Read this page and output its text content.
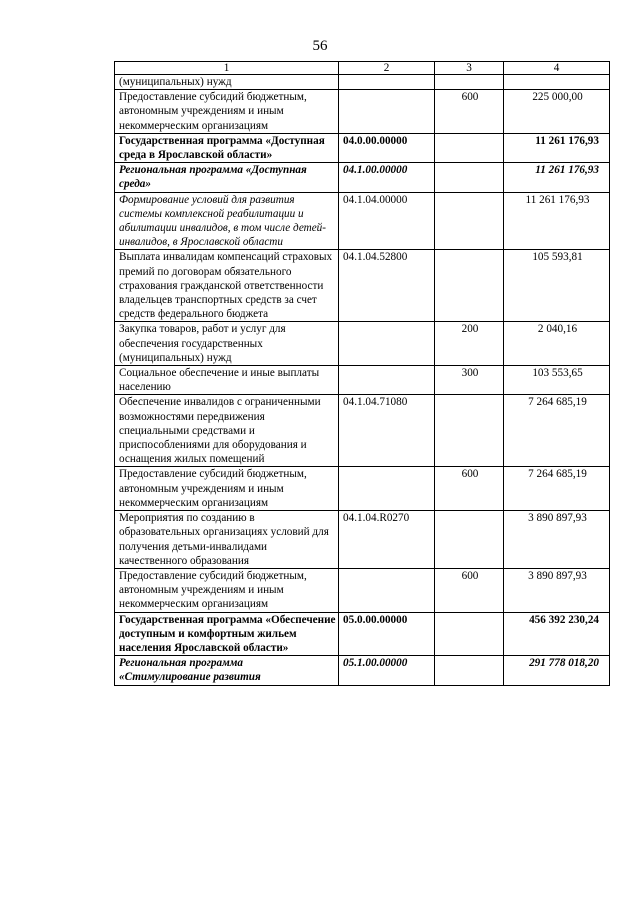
56
1	2	3	4
(муниципальных) нужд			
Предоставление субсидий бюджетным, автономным учреждениям и иным некоммерческим организациям		600	225 000,00
Государственная программа «Доступная среда в Ярославской области»	04.0.00.00000		11 261 176,93
Региональная программа «Доступная среда»	04.1.00.00000		11 261 176,93
Формирование условий для развития системы комплексной реабилитации и абилитации инвалидов, в том числе детей-инвалидов, в Ярославской области	04.1.04.00000		11 261 176,93
Выплата инвалидам компенсаций страховых премий по договорам обязательного страхования гражданской ответственности владельцев транспортных средств за счет средств федерального бюджета	04.1.04.52800		105 593,81
Закупка товаров, работ и услуг для обеспечения государственных (муниципальных) нужд		200	2 040,16
Социальное обеспечение и иные выплаты населению		300	103 553,65
Обеспечение инвалидов с ограниченными возможностями передвижения специальными средствами и приспособлениями для оборудования и оснащения жилых помещений	04.1.04.71080		7 264 685,19
Предоставление субсидий бюджетным, автономным учреждениям и иным некоммерческим организациям		600	7 264 685,19
Мероприятия по созданию в образовательных организациях условий для получения детьми-инвалидами качественного образования	04.1.04.R0270		3 890 897,93
Предоставление субсидий бюджетным, автономным учреждениям и иным некоммерческим организациям		600	3 890 897,93
Государственная программа «Обеспечение доступным и комфортным жильем населения Ярославской области»	05.0.00.00000		456 392 230,24
Региональная программа «Стимулирование развития	05.1.00.00000		291 778 018,20
